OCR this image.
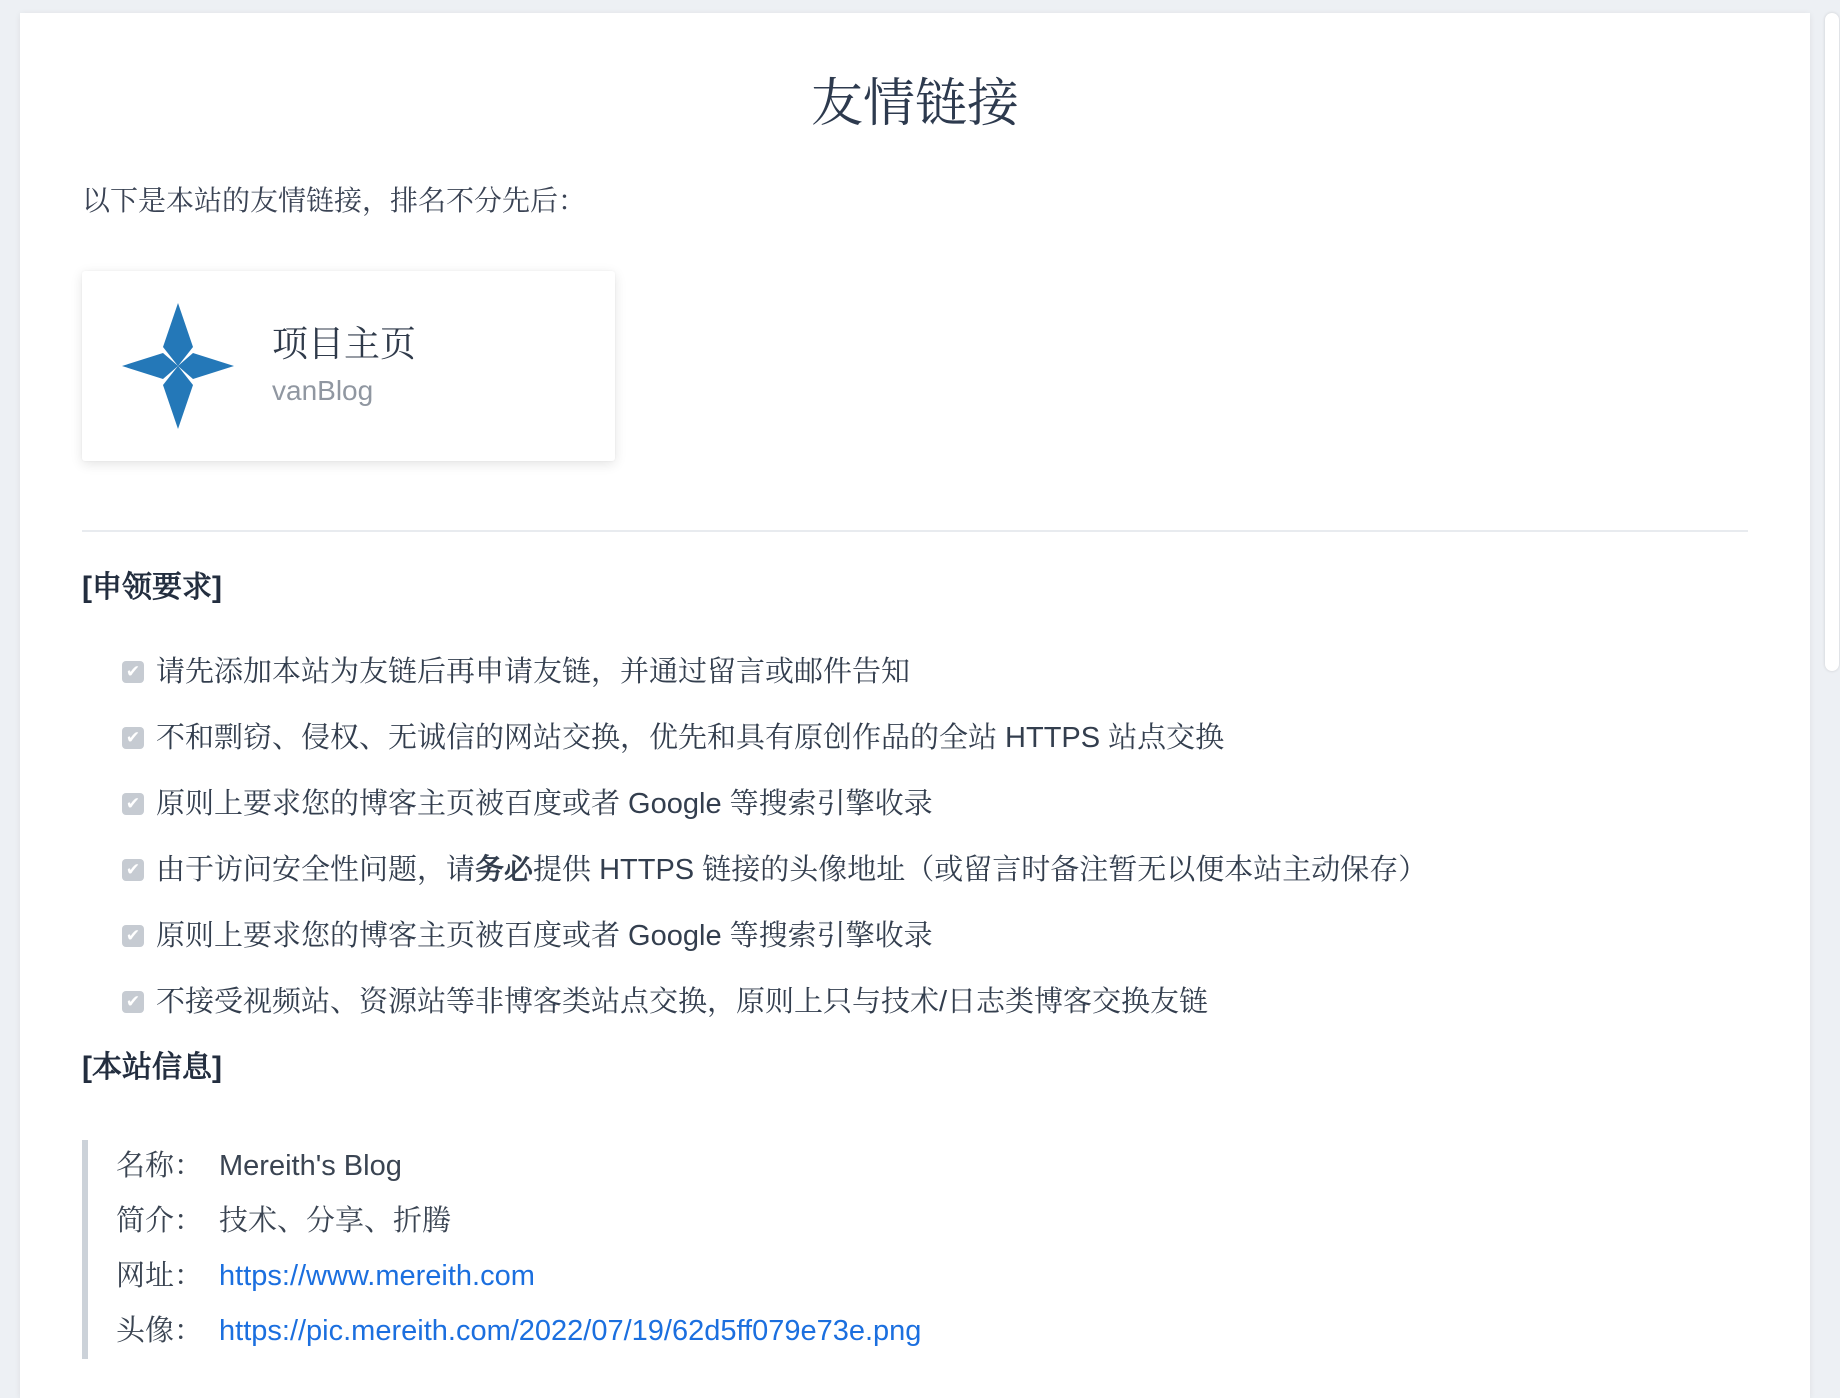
友情链接

以下是本站的友情链接，排名不分先后：

项目主页
vanBlog
[申领要求]
✔ 请先添加本站为友链后再申请友链，并通过留言或邮件告知
✔ 不和剽窃、侵权、无诚信的网站交换，优先和具有原创作品的全站 HTTPS 站点交换
✔ 原则上要求您的博客主页被百度或者 Google 等搜索引擎收录
✔ 由于访问安全性问题，请务必提供 HTTPS 链接的头像地址（或留言时备注暂无以便本站主动保存）
✔ 原则上要求您的博客主页被百度或者 Google 等搜索引擎收录
✔ 不接受视频站、资源站等非博客类站点交换，原则上只与技术/日志类博客交换友链
[本站信息]
名称： Mereith's Blog
简介： 技术、分享、折腾
网址： https://www.mereith.com
头像： https://pic.mereith.com/2022/07/19/62d5ff079e73e.png
